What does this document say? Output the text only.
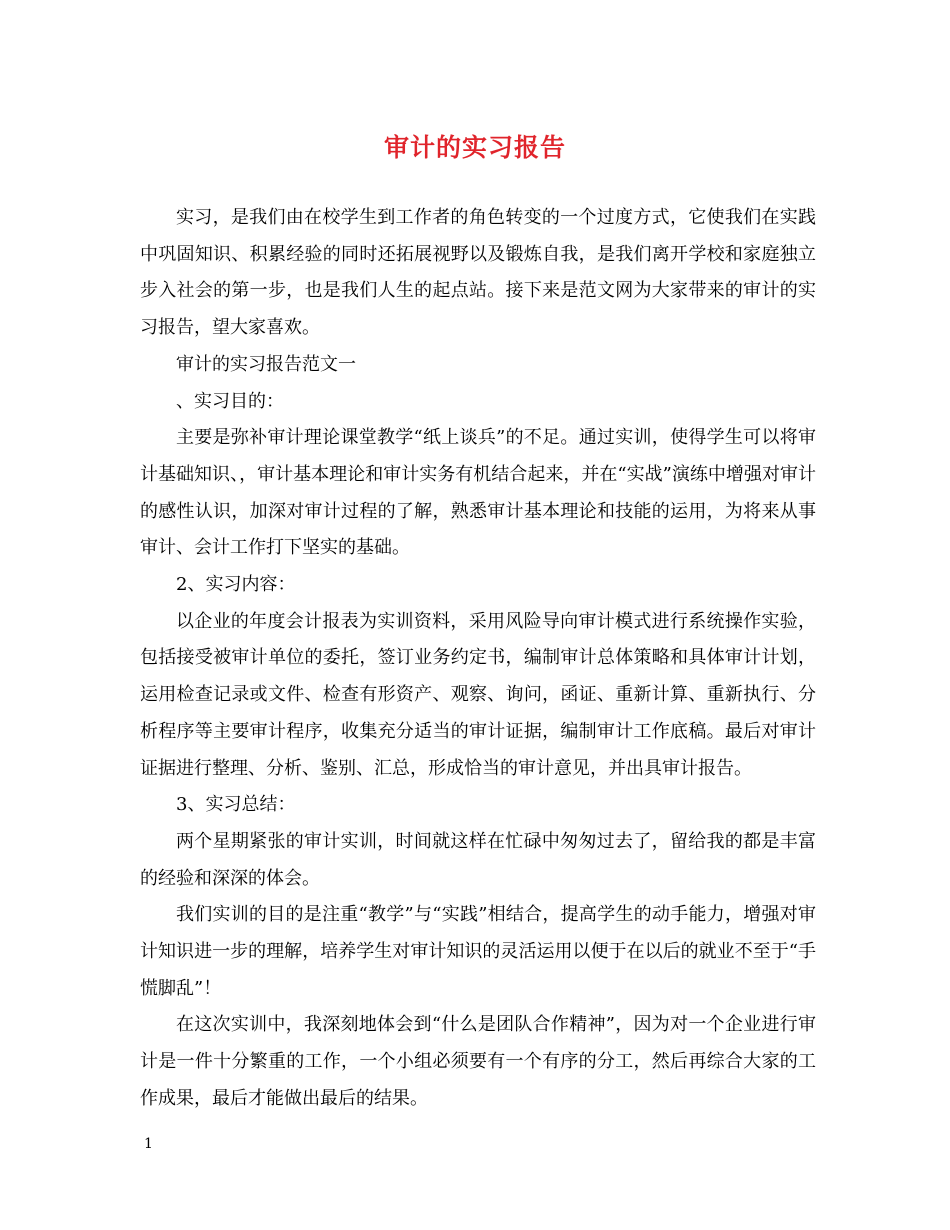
审计的实习报告

实习，是我们由在校学生到工作者的角色转变的一个过度方式，它使我们在实践中巩固知识、积累经验的同时还拓展视野以及锻炼自我，是我们离开学校和家庭独立步入社会的第一步，也是我们人生的起点站。接下来是范文网为大家带来的审计的实习报告，望大家喜欢。

审计的实习报告范文一

、实习目的：

主要是弥补审计理论课堂教学“纸上谈兵”的不足。通过实训，使得学生可以将审计基础知识、，审计基本理论和审计实务有机结合起来，并在“实战”演练中增强对审计的感性认识，加深对审计过程的了解，熟悉审计基本理论和技能的运用，为将来从事审计、会计工作打下坚实的基础。

2、实习内容：

以企业的年度会计报表为实训资料，采用风险导向审计模式进行系统操作实验，包括接受被审计单位的委托，签订业务约定书，编制审计总体策略和具体审计计划，运用检查记录或文件、检查有形资产、观察、询问，函证、重新计算、重新执行、分析程序等主要审计程序，收集充分适当的审计证据，编制审计工作底稿。最后对审计证据进行整理、分析、鉴别、汇总，形成恰当的审计意见，并出具审计报告。

3、实习总结：

两个星期紧张的审计实训，时间就这样在忙碌中匆匆过去了，留给我的都是丰富的经验和深深的体会。

我们实训的目的是注重“教学”与“实践”相结合，提高学生的动手能力，增强对审计知识进一步的理解，培养学生对审计知识的灵活运用以便于在以后的就业不至于“手慌脚乱”！

在这次实训中，我深刻地体会到“什么是团队合作精神”，因为对一个企业进行审计是一件十分繁重的工作，一个小组必须要有一个有序的分工，然后再综合大家的工作成果，最后才能做出最后的结果。

1
